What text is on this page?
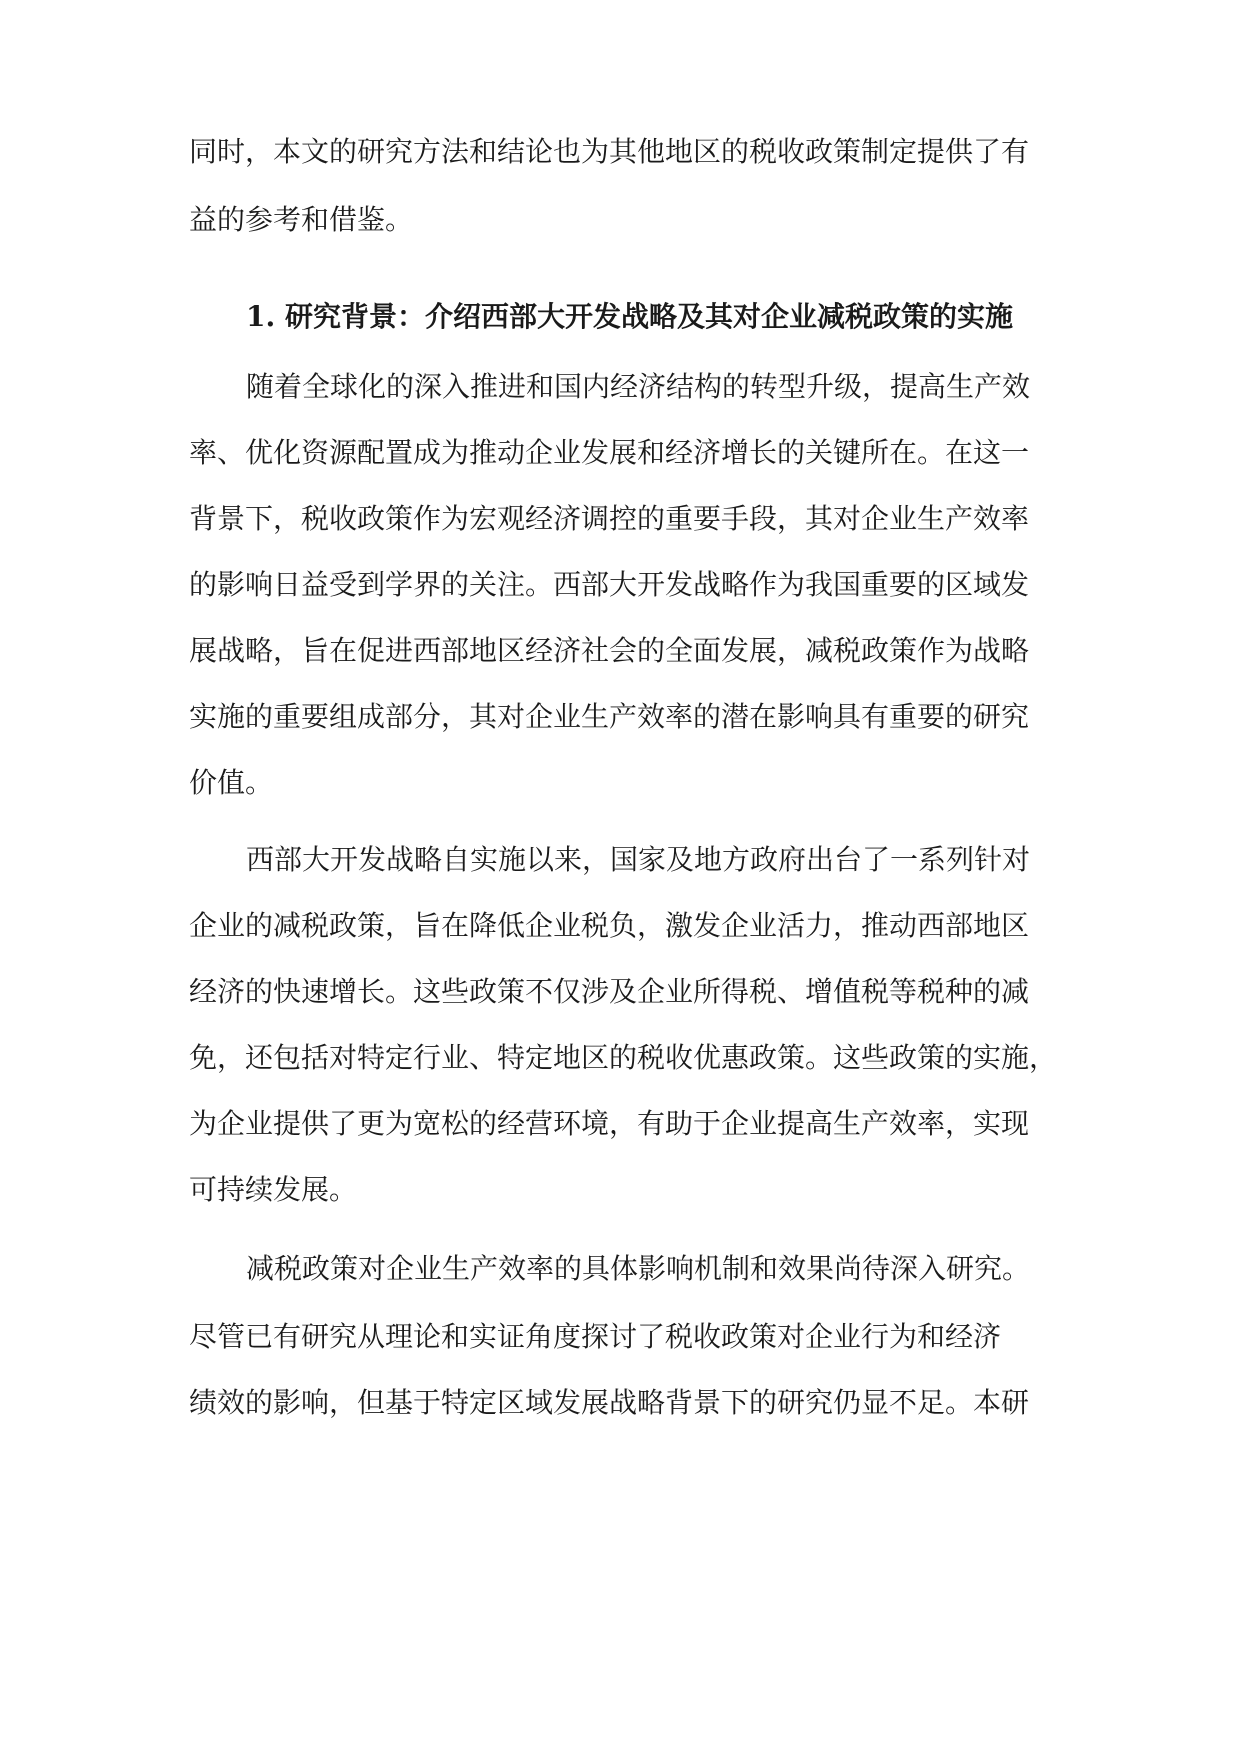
同时，本文的研究方法和结论也为其他地区的税收政策制定提供了有
益的参考和借鉴。
1. 研究背景：介绍西部大开发战略及其对企业减税政策的实施
随着全球化的深入推进和国内经济结构的转型升级，提高生产效
率、优化资源配置成为推动企业发展和经济增长的关键所在。在这一
背景下，税收政策作为宏观经济调控的重要手段，其对企业生产效率
的影响日益受到学界的关注。西部大开发战略作为我国重要的区域发
展战略，旨在促进西部地区经济社会的全面发展，减税政策作为战略
实施的重要组成部分，其对企业生产效率的潜在影响具有重要的研究
价值。
西部大开发战略自实施以来，国家及地方政府出台了一系列针对
企业的减税政策，旨在降低企业税负，激发企业活力，推动西部地区
经济的快速增长。这些政策不仅涉及企业所得税、增值税等税种的减
免，还包括对特定行业、特定地区的税收优惠政策。这些政策的实施，
为企业提供了更为宽松的经营环境，有助于企业提高生产效率，实现
可持续发展。
减税政策对企业生产效率的具体影响机制和效果尚待深入研究。
尽管已有研究从理论和实证角度探讨了税收政策对企业行为和经济
绩效的影响，但基于特定区域发展战略背景下的研究仍显不足。本研
